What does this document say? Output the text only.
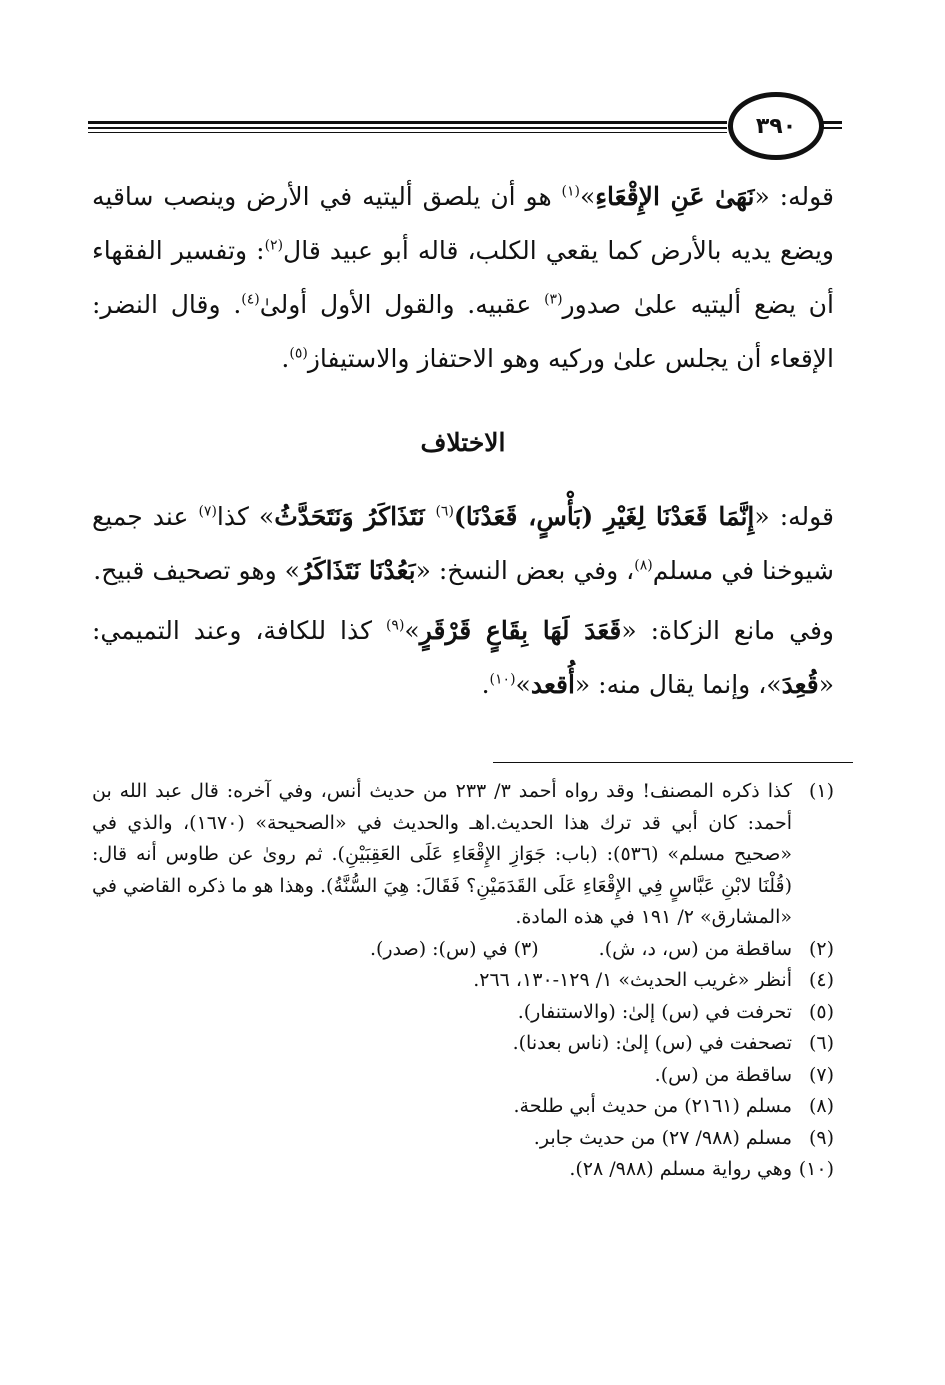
٣٩٠

قوله: «نَهَىٰ عَنِ الإِقْعَاءِ»$^{(١)}$ هو أن يلصق أليتيه في الأرض وينصب ساقيه ويضع يديه بالأرض كما يقعي الكلب، قاله أبو عبيد قال$^{(٢)}$: وتفسير الفقهاء أن يضع أليتيه علىٰ صدور$^{(٣)}$ عقبيه. والقول الأول أولىٰ$^{(٤)}$. وقال النضر: الإقعاء أن يجلس علىٰ وركيه وهو الاحتفاز والاستيفاز$^{(٥)}$.

الاختلاف

قوله: «إِنَّمَا قَعَدْنَا لِغَيْرِ (بَأْسٍ، قَعَدْنَا)$^{(٦)}$ نَتَذَاكَرُ وَنَتَحَدَّثُ» كذا$^{(٧)}$ عند جميع شيوخنا في مسلم$^{(٨)}$، وفي بعض النسخ: «بَعُدْنَا نَتَذَاكَرُ» وهو تصحيف قبيح.

وفي مانع الزكاة: «قَعَدَ لَهَا بِقَاعٍ قَرْقَرٍ»$^{(٩)}$ كذا للكافة، وعند التميمي: «قُعِدَ»، وإنما يقال منه: «أُقعد»$^{(١٠)}$.

(١)
كذا ذكره المصنف! وقد رواه أحمد ٣/ ٢٣٣ من حديث أنس، وفي آخره: قال عبد الله بن أحمد: كان أبي قد ترك هذا الحديث.اهـ والحديث في «الصحيحة» (١٦٧٠)، والذي في «صحيح مسلم» (٥٣٦): (باب: جَوَازِ الإِقْعَاءِ عَلَى العَقِبَيْنِ). ثم روىٰ عن طاوس أنه قال: (قُلْنَا لابْنِ عَبَّاسٍ فِي الإِقْعَاءِ عَلَى القَدَمَيْنِ؟ فَقَالَ: هِيَ السُّنَّةُ). وهذا هو ما ذكره القاضي في «المشارق» ٢/ ١٩١ في هذه المادة.
(٢)
ساقطة من (س، د، ش).(٣) في (س): (صدر).
(٤)
أنظر «غريب الحديث» ١/ ١٢٩-١٣٠، ٢٦٦.
(٥)
تحرفت في (س) إلىٰ: (والاستنفار).
(٦)
تصحفت في (س) إلىٰ: (ناس بعدنا).
(٧)
ساقطة من (س).
(٨)
مسلم (٢١٦١) من حديث أبي طلحة.
(٩)
مسلم (٩٨٨/ ٢٧) من حديث جابر.
(١٠)
وهي رواية مسلم (٩٨٨/ ٢٨).
